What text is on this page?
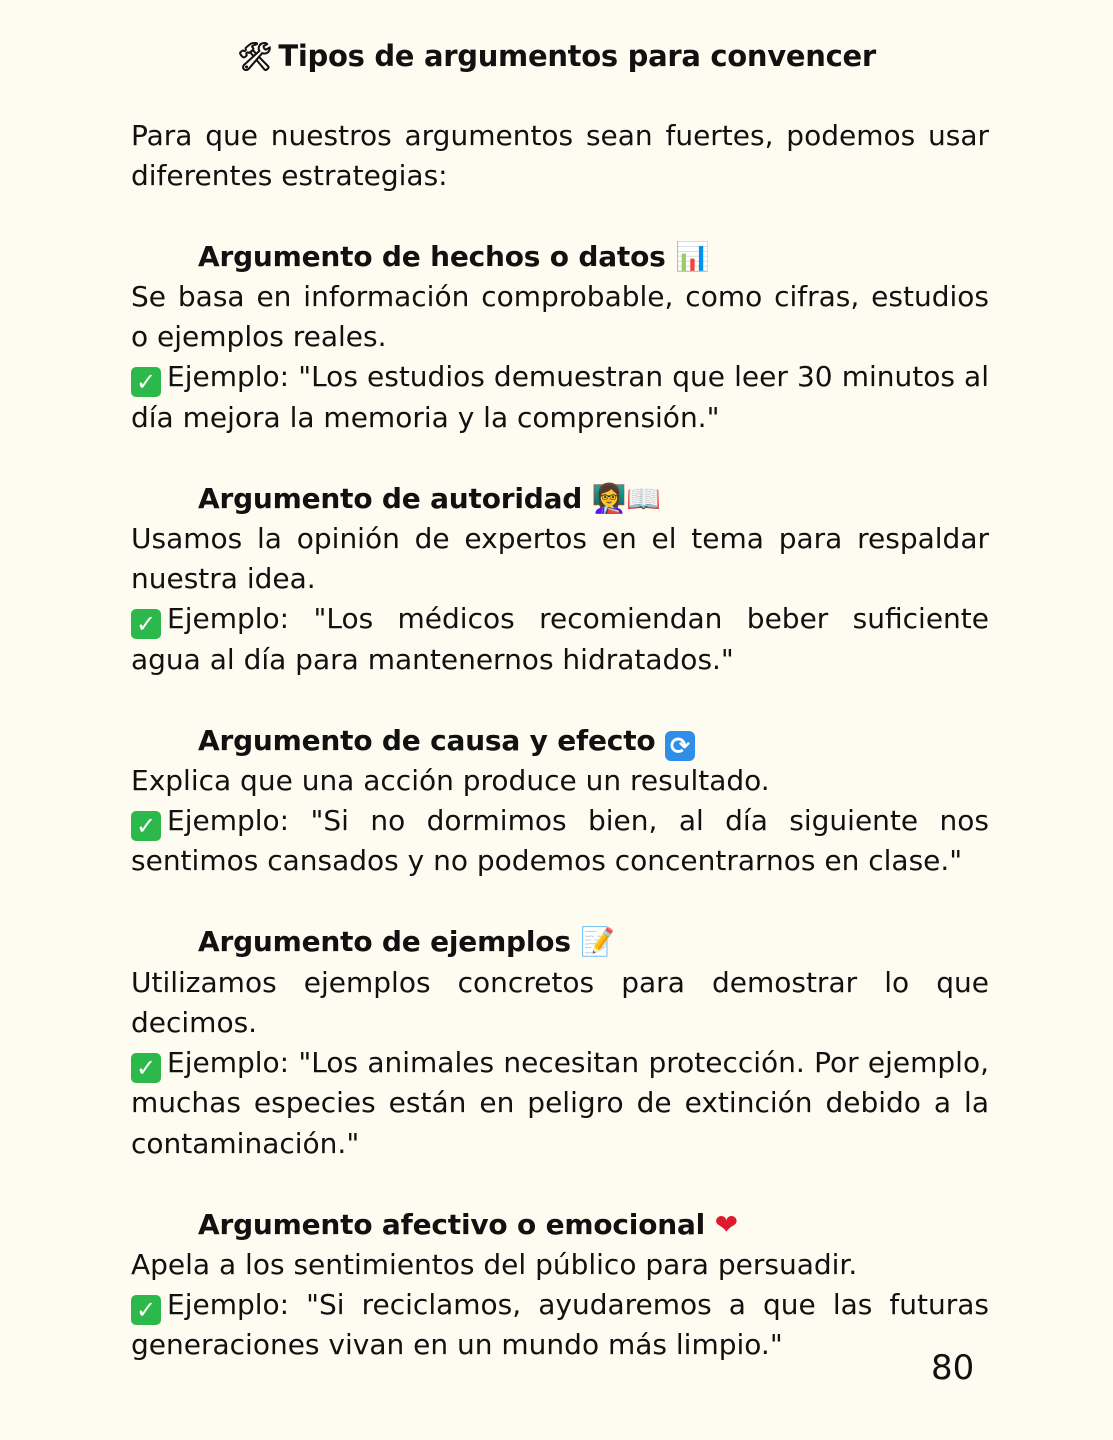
🛠 Tipos de argumentos para convencer

Para que nuestros argumentos sean fuertes, podemos usar diferentes estrategias:

Argumento de hechos o datos 📊

Se basa en información comprobable, como cifras, estudios o ejemplos reales.

✓ Ejemplo: "Los estudios demuestran que leer 30 minutos al día mejora la memoria y la comprensión."

Argumento de autoridad 👩‍🏫📖

Usamos la opinión de expertos en el tema para respaldar nuestra idea.

✓ Ejemplo: "Los médicos recomiendan beber suficiente agua al día para mantenernos hidratados."

Argumento de causa y efecto ⟳

Explica que una acción produce un resultado.

✓ Ejemplo: "Si no dormimos bien, al día siguiente nos sentimos cansados y no podemos concentrarnos en clase."

Argumento de ejemplos 📝

Utilizamos ejemplos concretos para demostrar lo que decimos.

✓ Ejemplo: "Los animales necesitan protección. Por ejemplo, muchas especies están en peligro de extinción debido a la contaminación."

Argumento afectivo o emocional ❤

Apela a los sentimientos del público para persuadir.

✓ Ejemplo: "Si reciclamos, ayudaremos a que las futuras generaciones vivan en un mundo más limpio."

80
